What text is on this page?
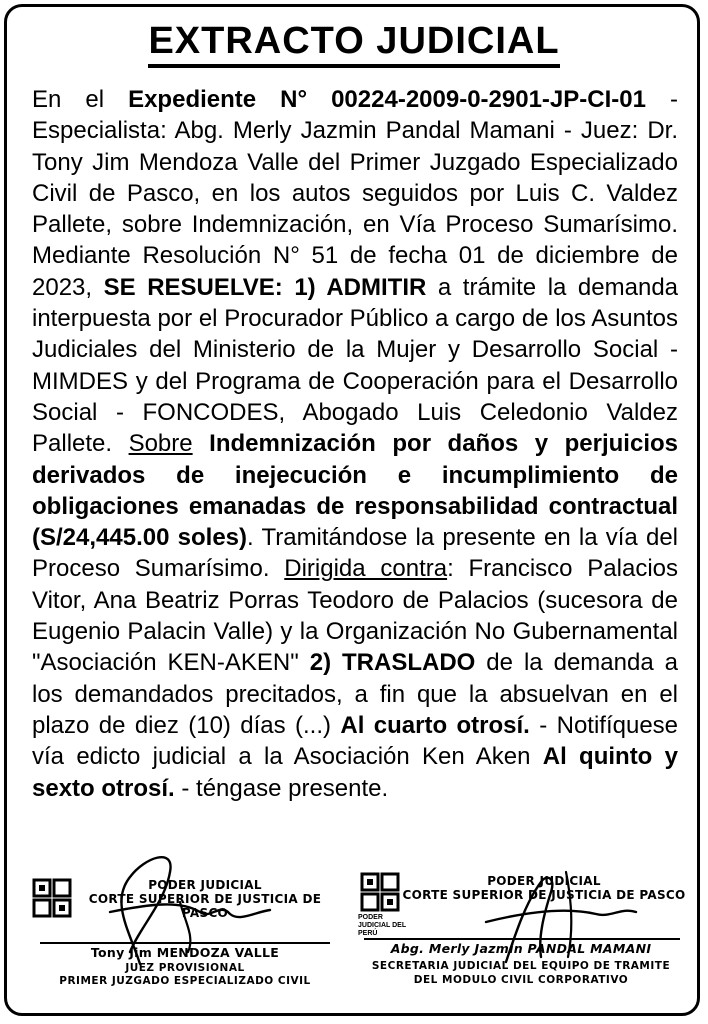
EXTRACTO JUDICIAL
En el Expediente N° 00224-2009-0-2901-JP-CI-01 - Especialista: Abg. Merly Jazmin Pandal Mamani - Juez: Dr. Tony Jim Mendoza Valle del Primer Juzgado Especializado Civil de Pasco, en los autos seguidos por Luis C. Valdez Pallete, sobre Indemnización, en Vía Proceso Sumarísimo. Mediante Resolución N° 51 de fecha 01 de diciembre de 2023, SE RESUELVE: 1) ADMITIR a trámite la demanda interpuesta por el Procurador Público a cargo de los Asuntos Judiciales del Ministerio de la Mujer y Desarrollo Social - MIMDES y del Programa de Cooperación para el Desarrollo Social - FONCODES, Abogado Luis Celedonio Valdez Pallete. Sobre Indemnización por daños y perjuicios derivados de inejecución e incumplimiento de obligaciones emanadas de responsabilidad contractual (S/24,445.00 soles). Tramitándose la presente en la vía del Proceso Sumarísimo. Dirigida contra: Francisco Palacios Vitor, Ana Beatriz Porras Teodoro de Palacios (sucesora de Eugenio Palacin Valle) y la Organización No Gubernamental "Asociación KEN-AKEN" 2) TRASLADO de la demanda a los demandados precitados, a fin que la absuelvan en el plazo de diez (10) días (...) Al cuarto otrosí. - Notifíquese vía edicto judicial a la Asociación Ken Aken Al quinto y sexto otrosí. - téngase presente.
PODER JUDICIAL
CORTE SUPERIOR DE JUSTICIA DE PASCO
Tony Jim MENDOZA VALLE
JUEZ PROVISIONAL
PRIMER JUZGADO ESPECIALIZADO CIVIL
PODER JUDICIAL DEL PERÚ
PODER JUDICIAL
CORTE SUPERIOR DE JUSTICIA DE PASCO
Abg. Merly Jazmin PANDAL MAMANI
SECRETARIA JUDICIAL DEL EQUIPO DE TRAMITE
DEL MODULO CIVIL CORPORATIVO
